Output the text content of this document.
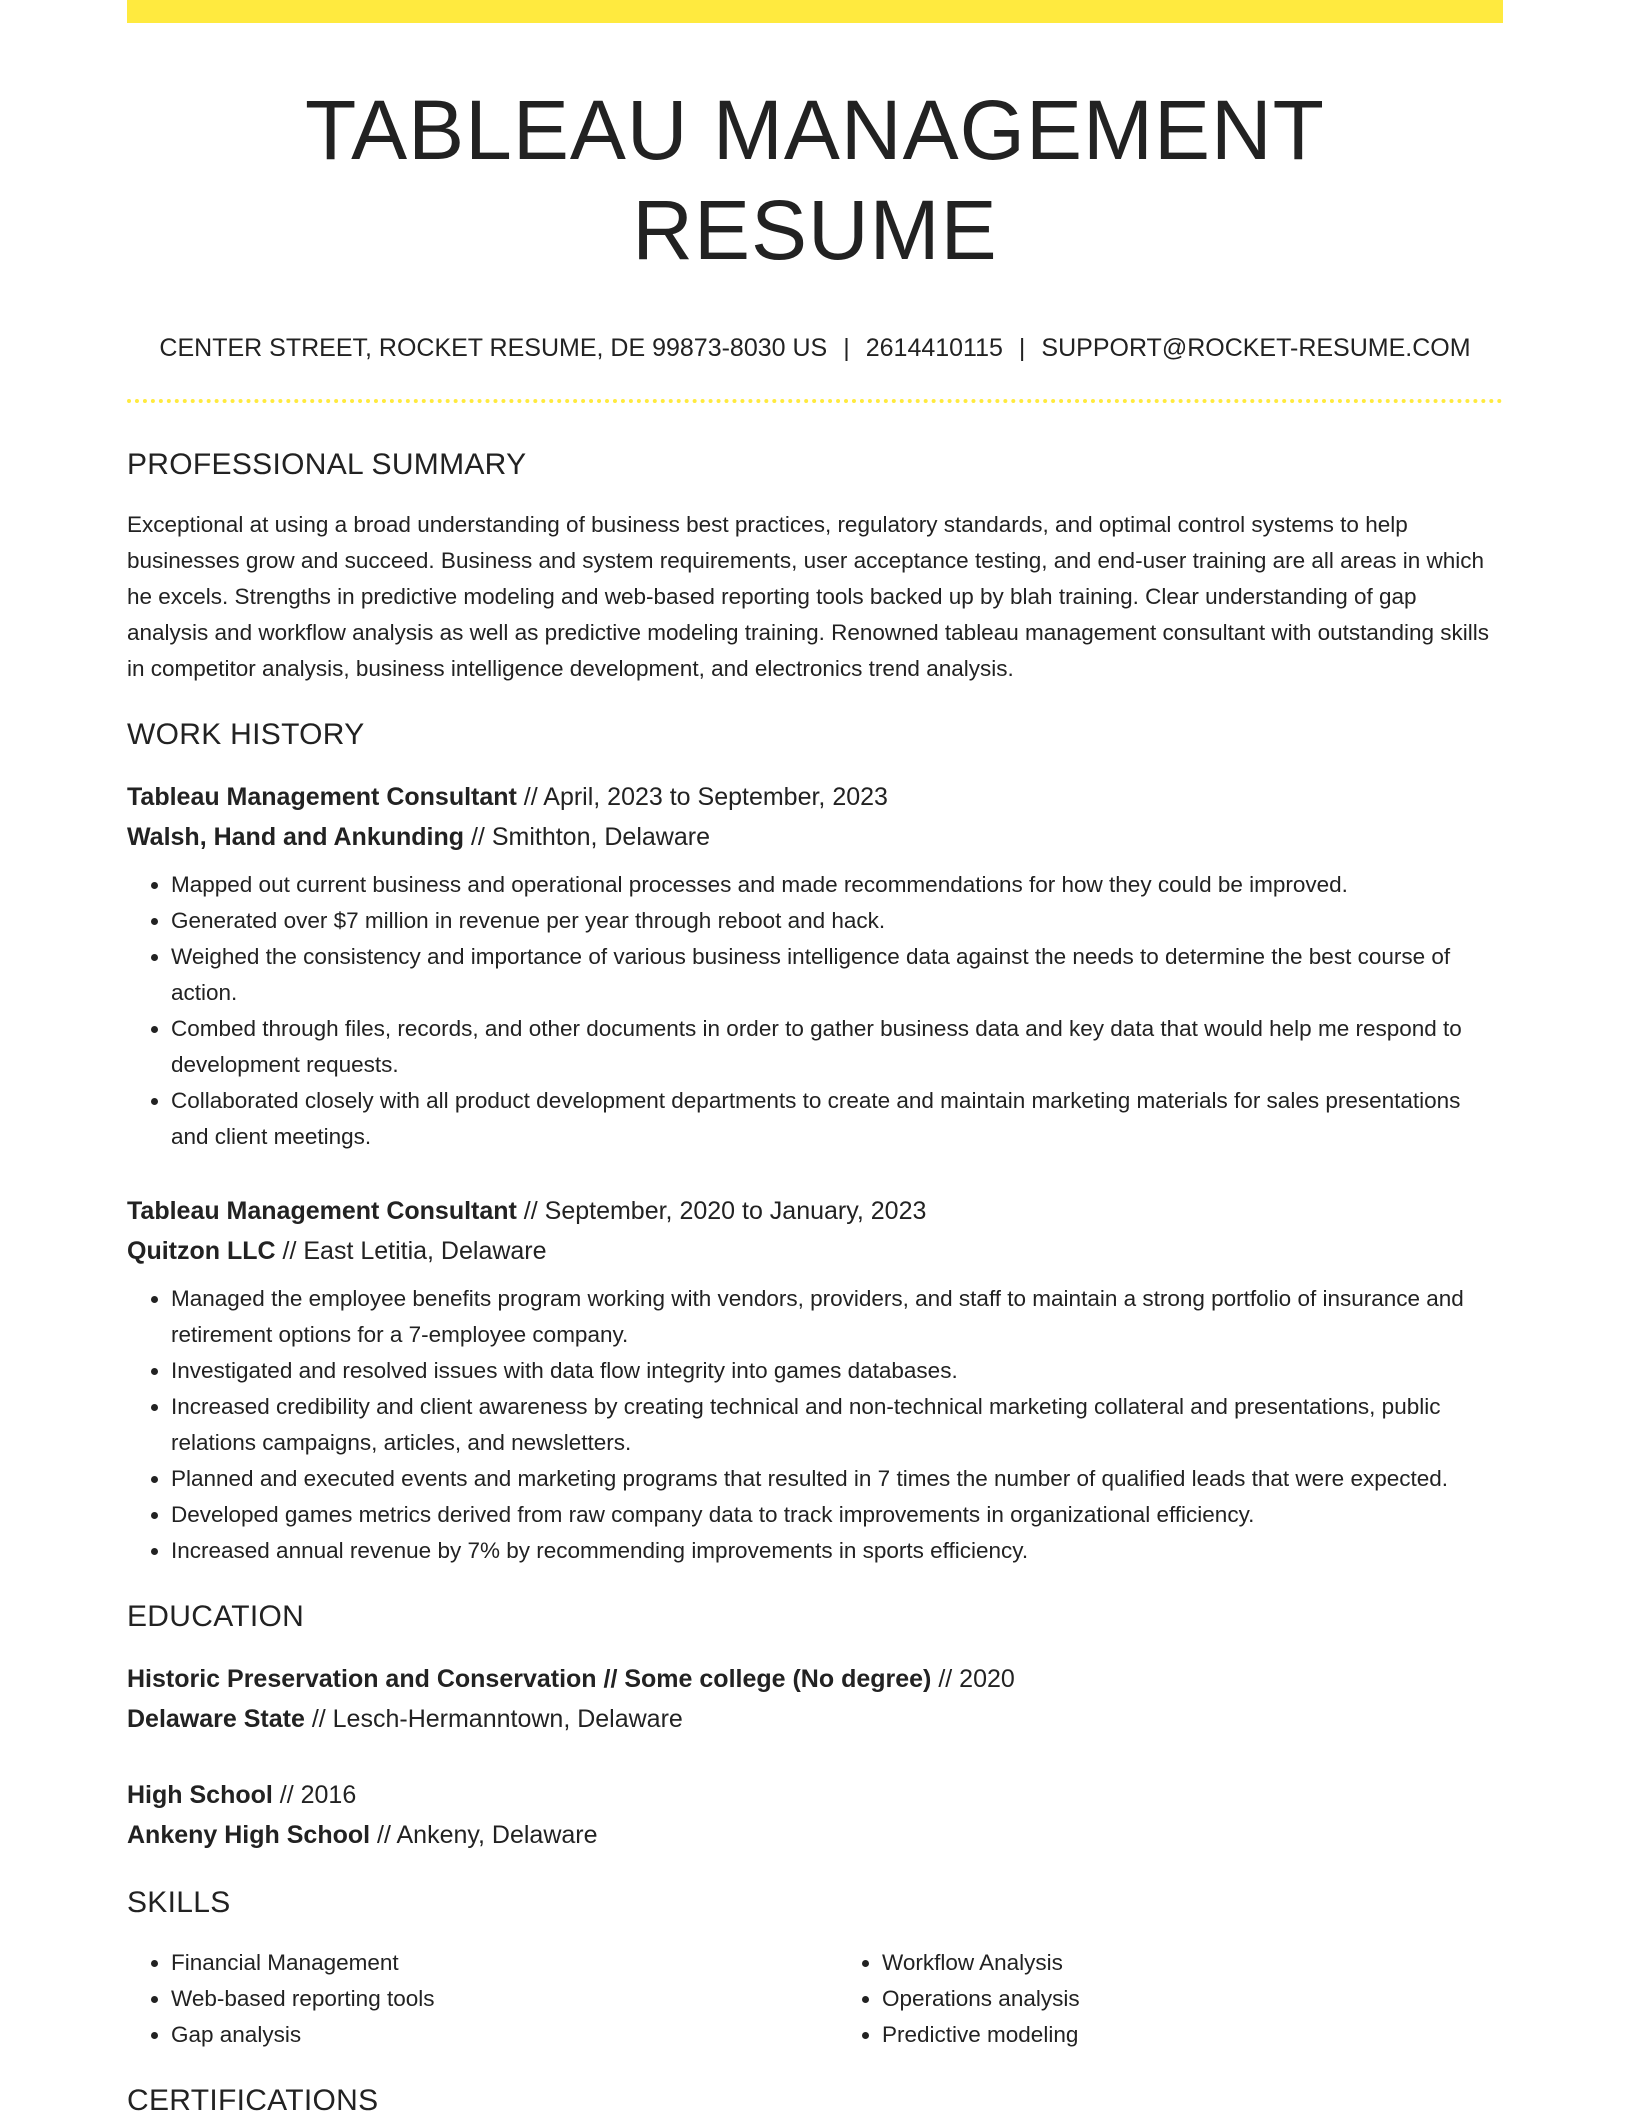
TABLEAU MANAGEMENT RESUME
CENTER STREET, ROCKET RESUME, DE 99873-8030 US | 2614410115 | SUPPORT@ROCKET-RESUME.COM
PROFESSIONAL SUMMARY

Exceptional at using a broad understanding of business best practices, regulatory standards, and optimal control systems to help businesses grow and succeed. Business and system requirements, user acceptance testing, and end-user training are all areas in which he excels. Strengths in predictive modeling and web-based reporting tools backed up by blah training. Clear understanding of gap analysis and workflow analysis as well as predictive modeling training. Renowned tableau management consultant with outstanding skills in competitor analysis, business intelligence development, and electronics trend analysis.

WORK HISTORY
Tableau Management Consultant // April, 2023 to September, 2023
Walsh, Hand and Ankunding // Smithton, Delaware
• Mapped out current business and operational processes and made recommendations for how they could be improved.
• Generated over $7 million in revenue per year through reboot and hack.
• Weighed the consistency and importance of various business intelligence data against the needs to determine the best course of action.
• Combed through files, records, and other documents in order to gather business data and key data that would help me respond to development requests.
• Collaborated closely with all product development departments to create and maintain marketing materials for sales presentations and client meetings.
Tableau Management Consultant // September, 2020 to January, 2023
Quitzon LLC // East Letitia, Delaware
• Managed the employee benefits program working with vendors, providers, and staff to maintain a strong portfolio of insurance and retirement options for a 7-employee company.
• Investigated and resolved issues with data flow integrity into games databases.
• Increased credibility and client awareness by creating technical and non-technical marketing collateral and presentations, public relations campaigns, articles, and newsletters.
• Planned and executed events and marketing programs that resulted in 7 times the number of qualified leads that were expected.
• Developed games metrics derived from raw company data to track improvements in organizational efficiency.
• Increased annual revenue by 7% by recommending improvements in sports efficiency.
EDUCATION
Historic Preservation and Conservation // Some college (No degree) // 2020
Delaware State // Lesch-Hermanntown, Delaware
High School // 2016
Ankeny High School // Ankeny, Delaware
SKILLS
• Financial Management
• Web-based reporting tools
• Gap analysis
• Workflow Analysis
• Operations analysis
• Predictive modeling
CERTIFICATIONS
